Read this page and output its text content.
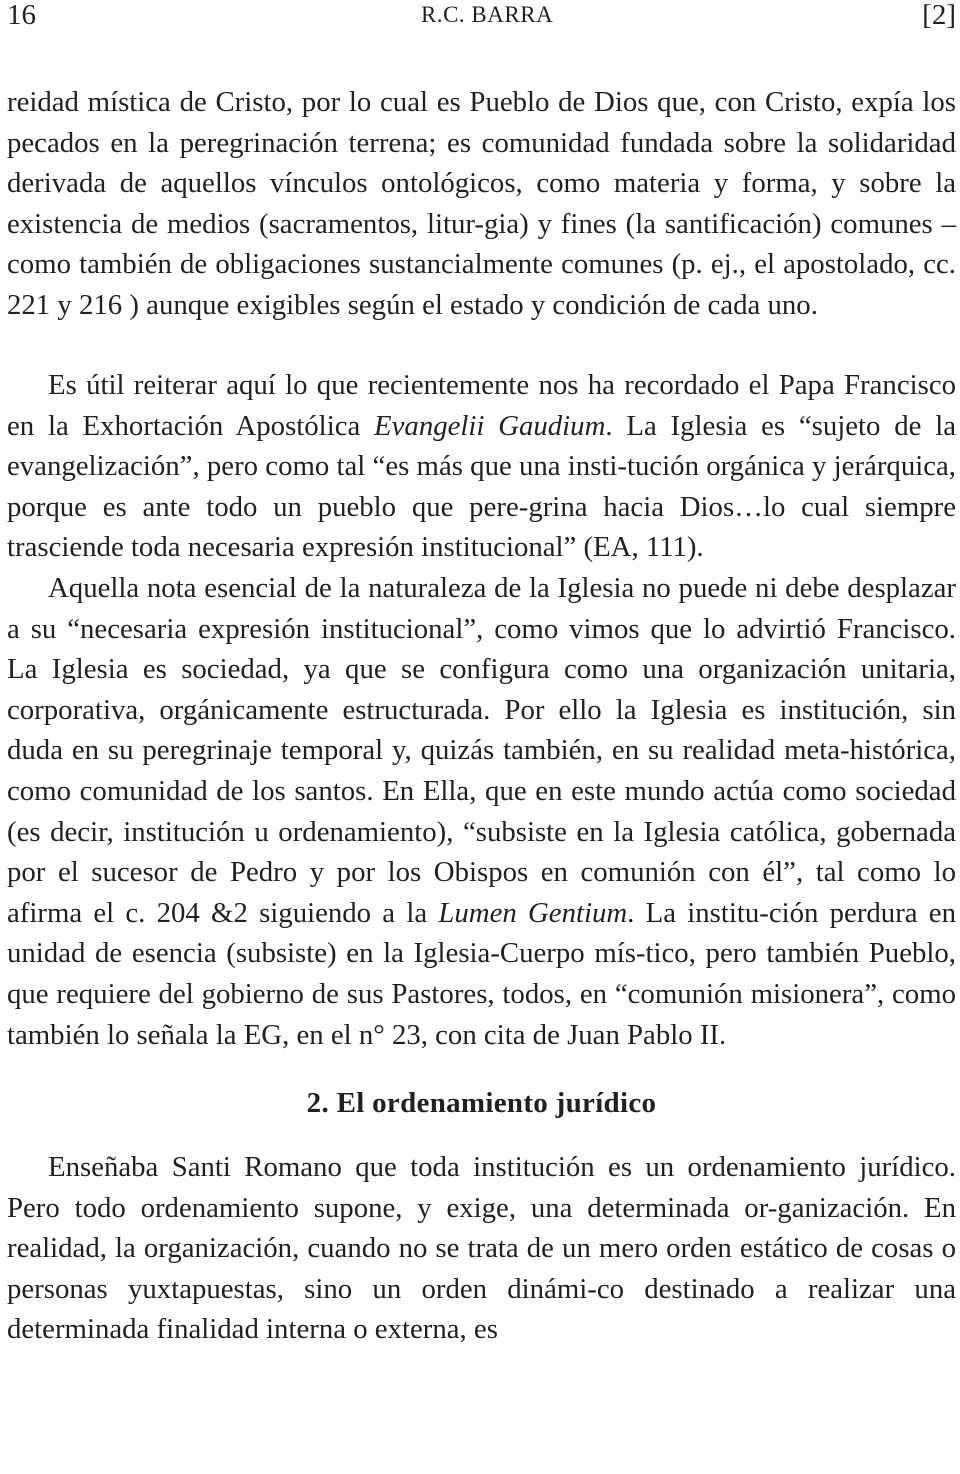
16	R.C. BARRA	[2]

reidad mística de Cristo, por lo cual es Pueblo de Dios que, con Cristo, expía los pecados en la peregrinación terrena; es comunidad fundada sobre la solidaridad derivada de aquellos vínculos ontológicos, como materia y forma, y sobre la existencia de medios (sacramentos, litur-gia) y fines (la santificación) comunes –como también de obligaciones sustancialmente comunes (p. ej., el apostolado, cc. 221 y 216 ) aunque exigibles según el estado y condición de cada uno.

Es útil reiterar aquí lo que recientemente nos ha recordado el Papa Francisco en la Exhortación Apostólica Evangelii Gaudium. La Iglesia es “sujeto de la evangelización”, pero como tal “es más que una insti-tución orgánica y jerárquica, porque es ante todo un pueblo que pere-grina hacia Dios…lo cual siempre trasciende toda necesaria expresión institucional” (EA, 111).

Aquella nota esencial de la naturaleza de la Iglesia no puede ni debe desplazar a su “necesaria expresión institucional”, como vimos que lo advirtió Francisco. La Iglesia es sociedad, ya que se configura como una organización unitaria, corporativa, orgánicamente estructurada. Por ello la Iglesia es institución, sin duda en su peregrinaje temporal y, quizás también, en su realidad meta-histórica, como comunidad de los santos. En Ella, que en este mundo actúa como sociedad (es decir, institución u ordenamiento), “subsiste en la Iglesia católica, gobernada por el sucesor de Pedro y por los Obispos en comunión con él”, tal como lo afirma el c. 204 &2 siguiendo a la Lumen Gentium. La institu-ción perdura en unidad de esencia (subsiste) en la Iglesia-Cuerpo mís-tico, pero también Pueblo, que requiere del gobierno de sus Pastores, todos, en “comunión misionera”, como también lo señala la EG, en el n° 23, con cita de Juan Pablo II.

2. El ordenamiento jurídico

Enseñaba Santi Romano que toda institución es un ordenamiento jurídico. Pero todo ordenamiento supone, y exige, una determinada or-ganización. En realidad, la organización, cuando no se trata de un mero orden estático de cosas o personas yuxtapuestas, sino un orden dinámi-co destinado a realizar una determinada finalidad interna o externa, es
